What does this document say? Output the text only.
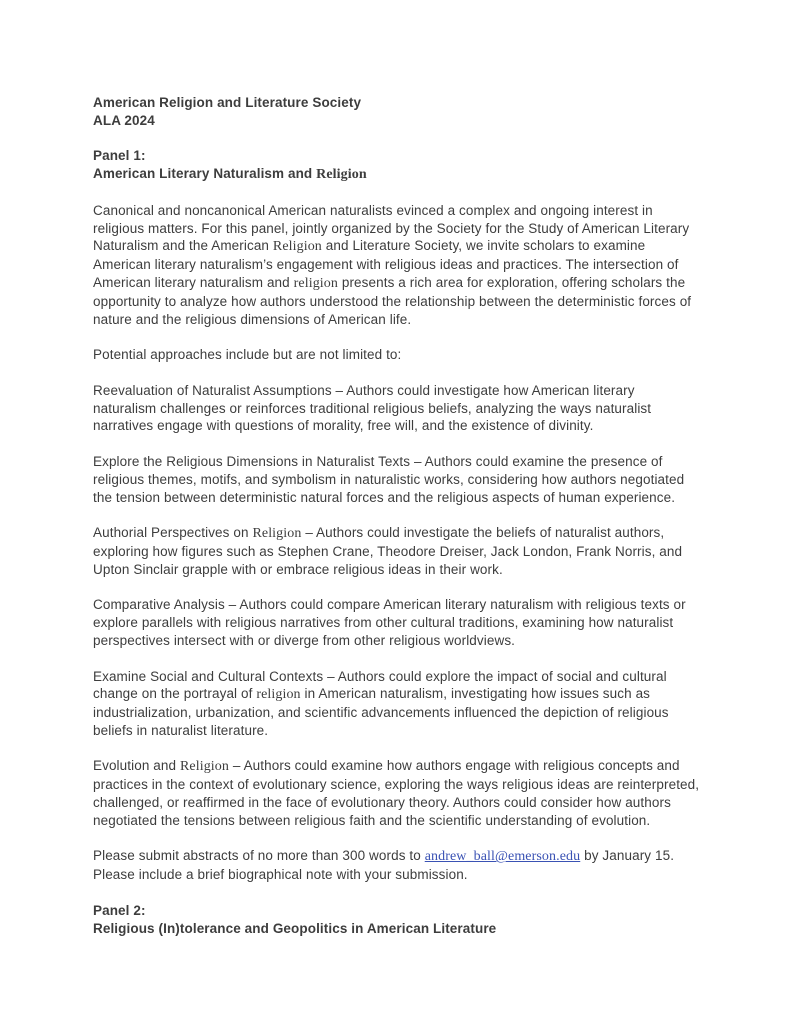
American Religion and Literature Society
ALA 2024

Panel 1:
American Literary Naturalism and Religion

Canonical and noncanonical American naturalists evinced a complex and ongoing interest in religious matters. For this panel, jointly organized by the Society for the Study of American Literary Naturalism and the American Religion and Literature Society, we invite scholars to examine American literary naturalism’s engagement with religious ideas and practices. The intersection of American literary naturalism and religion presents a rich area for exploration, offering scholars the opportunity to analyze how authors understood the relationship between the deterministic forces of nature and the religious dimensions of American life.

Potential approaches include but are not limited to:

Reevaluation of Naturalist Assumptions – Authors could investigate how American literary naturalism challenges or reinforces traditional religious beliefs, analyzing the ways naturalist narratives engage with questions of morality, free will, and the existence of divinity.

Explore the Religious Dimensions in Naturalist Texts – Authors could examine the presence of religious themes, motifs, and symbolism in naturalistic works, considering how authors negotiated the tension between deterministic natural forces and the religious aspects of human experience.

Authorial Perspectives on Religion – Authors could investigate the beliefs of naturalist authors, exploring how figures such as Stephen Crane, Theodore Dreiser, Jack London, Frank Norris, and Upton Sinclair grapple with or embrace religious ideas in their work.

Comparative Analysis – Authors could compare American literary naturalism with religious texts or explore parallels with religious narratives from other cultural traditions, examining how naturalist perspectives intersect with or diverge from other religious worldviews.

Examine Social and Cultural Contexts – Authors could explore the impact of social and cultural change on the portrayal of religion in American naturalism, investigating how issues such as industrialization, urbanization, and scientific advancements influenced the depiction of religious beliefs in naturalist literature.

Evolution and Religion – Authors could examine how authors engage with religious concepts and practices in the context of evolutionary science, exploring the ways religious ideas are reinterpreted, challenged, or reaffirmed in the face of evolutionary theory. Authors could consider how authors negotiated the tensions between religious faith and the scientific understanding of evolution.

Please submit abstracts of no more than 300 words to andrew_ball@emerson.edu by January 15. Please include a brief biographical note with your submission.

Panel 2:
Religious (In)tolerance and Geopolitics in American Literature
